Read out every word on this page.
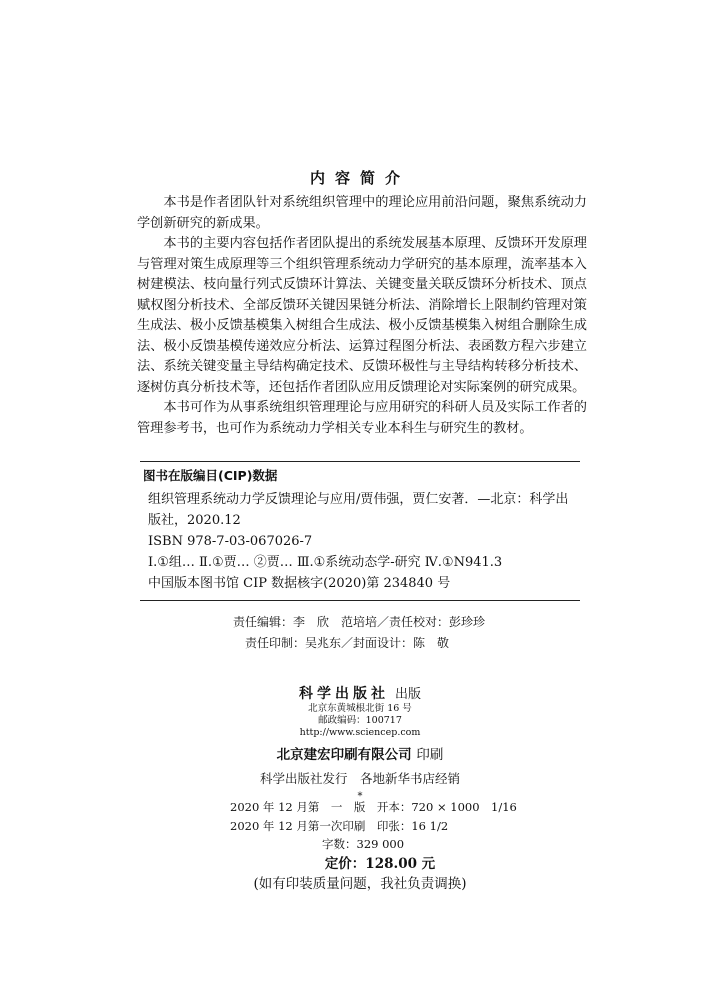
内容简介

本书是作者团队针对系统组织管理中的理论应用前沿问题，聚焦系统动力学创新研究的新成果。

本书的主要内容包括作者团队提出的系统发展基本原理、反馈环开发原理与管理对策生成原理等三个组织管理系统动力学研究的基本原理，流率基本入树建模法、枝向量行列式反馈环计算法、关键变量关联反馈环分析技术、顶点赋权图分析技术、全部反馈环关键因果链分析法、消除增长上限制约管理对策生成法、极小反馈基模集入树组合生成法、极小反馈基模集入树组合删除生成法、极小反馈基模传递效应分析法、运算过程图分析法、表函数方程六步建立法、系统关键变量主导结构确定技术、反馈环极性与主导结构转移分析技术、逐树仿真分析技术等，还包括作者团队应用反馈理论对实际案例的研究成果。

本书可作为从事系统组织管理理论与应用研究的科研人员及实际工作者的管理参考书，也可作为系统动力学相关专业本科生与研究生的教材。

图书在版编目(CIP)数据
组织管理系统动力学反馈理论与应用/贾伟强，贾仁安著．—北京：科学出版社，2020.12
ISBN 978-7-03-067026-7
Ⅰ.①组… Ⅱ.①贾… ②贾… Ⅲ.①系统动态学-研究 Ⅳ.①N941.3
中国版本图书馆 CIP 数据核字(2020)第 234840 号
责任编辑：李　欣　范培培／责任校对：彭珍珍
责任印制：吴兆东／封面设计：陈　敬
科学出版社 出版
北京东黄城根北街 16 号
邮政编码：100717
http://www.sciencep.com
北京建宏印刷有限公司 印刷
科学出版社发行　各地新华书店经销
*
2020 年 12 月第　一　版　开本：720 × 1000　1/16
2020 年 12 月第一次印刷　印张：16 1/2
字数：329 000
定价：128.00 元
(如有印装质量问题，我社负责调换)
